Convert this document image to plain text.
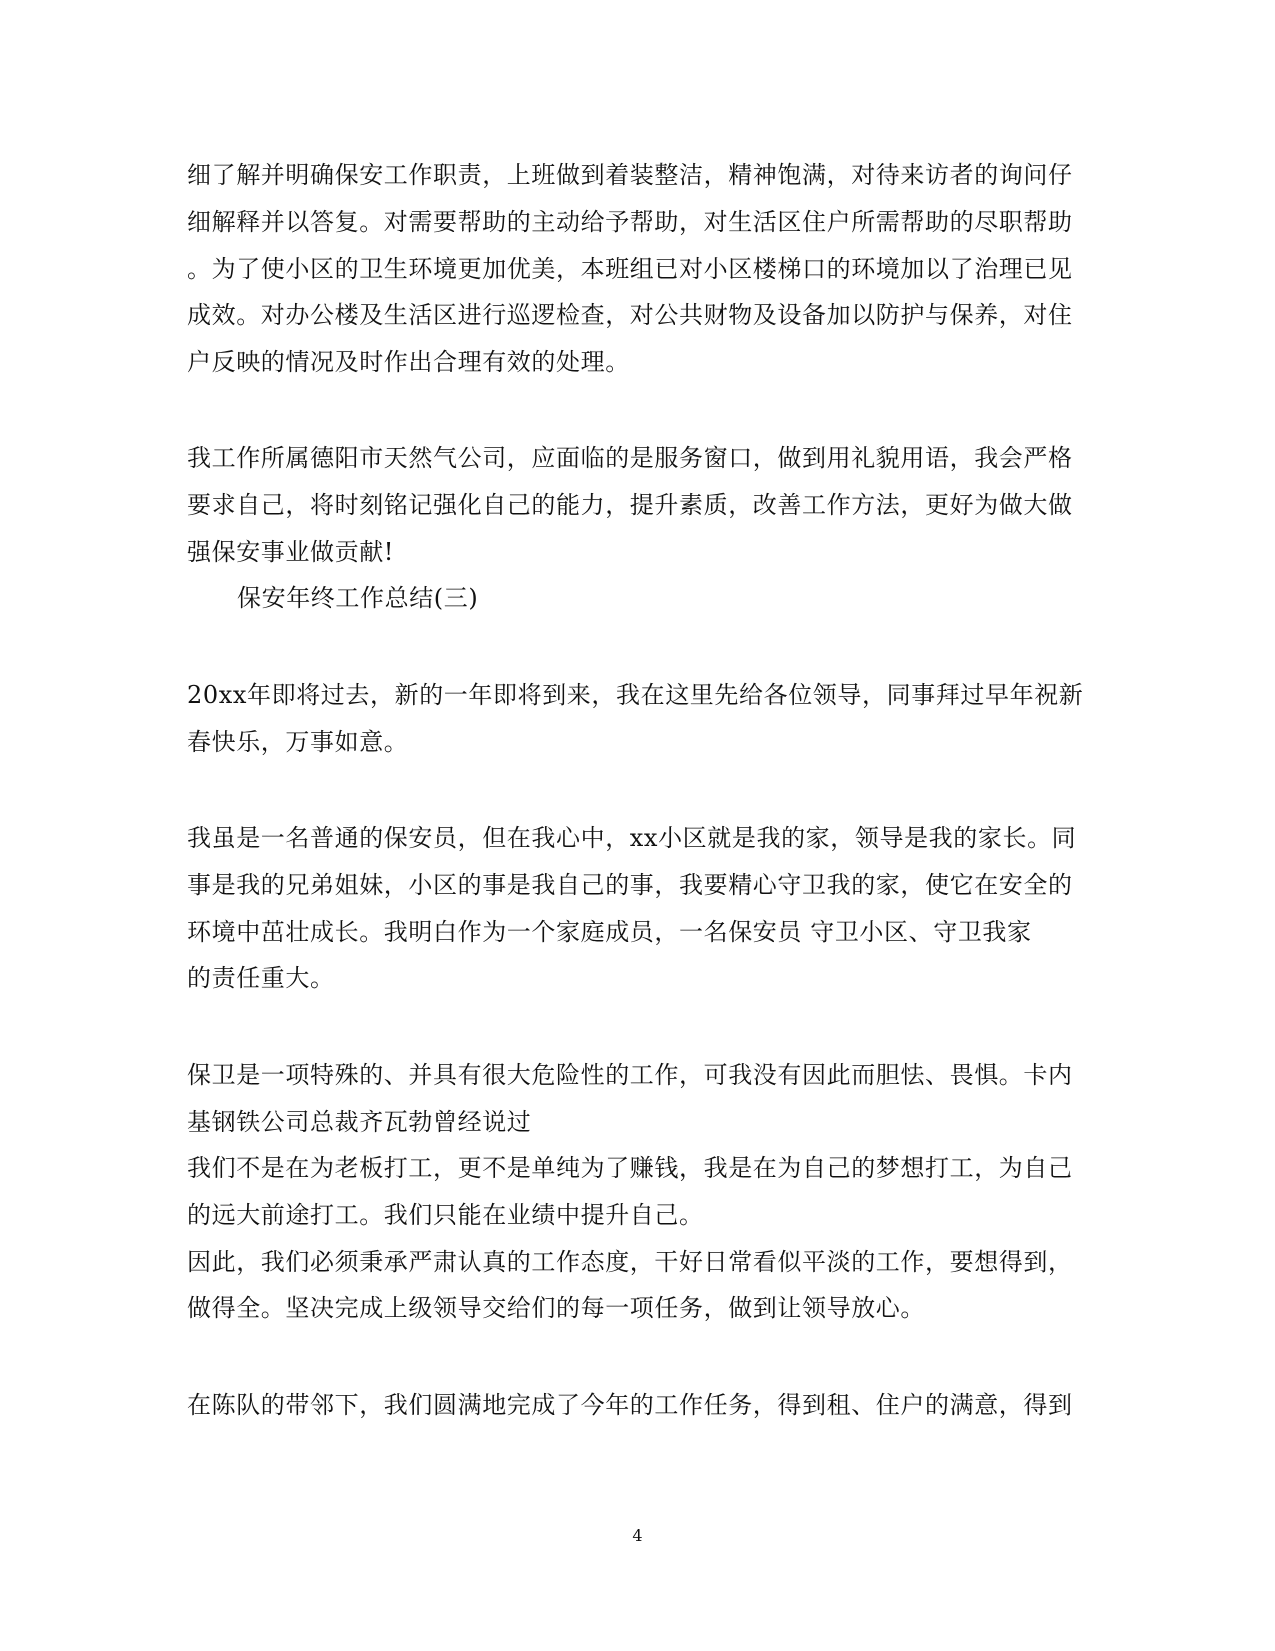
细了解并明确保安工作职责，上班做到着装整洁，精神饱满，对待来访者的询问仔

细解释并以答复。对需要帮助的主动给予帮助，对生活区住户所需帮助的尽职帮助

。为了使小区的卫生环境更加优美，本班组已对小区楼梯口的环境加以了治理已见

成效。对办公楼及生活区进行巡逻检查，对公共财物及设备加以防护与保养，对住

户反映的情况及时作出合理有效的处理。

我工作所属德阳市天然气公司，应面临的是服务窗口，做到用礼貌用语，我会严格

要求自己，将时刻铭记强化自己的能力，提升素质，改善工作方法，更好为做大做

强保安事业做贡献!

保安年终工作总结(三)

20xx年即将过去，新的一年即将到来，我在这里先给各位领导，同事拜过早年祝新

春快乐，万事如意。

我虽是一名普通的保安员，但在我心中，xx小区就是我的家，领导是我的家长。同

事是我的兄弟姐妹，小区的事是我自己的事，我要精心守卫我的家，使它在安全的

环境中茁壮成长。我明白作为一个家庭成员，一名保安员 守卫小区、守卫我家

的责任重大。

保卫是一项特殊的、并具有很大危险性的工作，可我没有因此而胆怯、畏惧。卡内

基钢铁公司总裁齐瓦勃曾经说过

我们不是在为老板打工，更不是单纯为了赚钱，我是在为自己的梦想打工，为自己

的远大前途打工。我们只能在业绩中提升自己。

因此，我们必须秉承严肃认真的工作态度，干好日常看似平淡的工作，要想得到，

做得全。坚决完成上级领导交给们的每一项任务，做到让领导放心。

在陈队的带邻下，我们圆满地完成了今年的工作任务，得到租、住户的满意，得到

4
